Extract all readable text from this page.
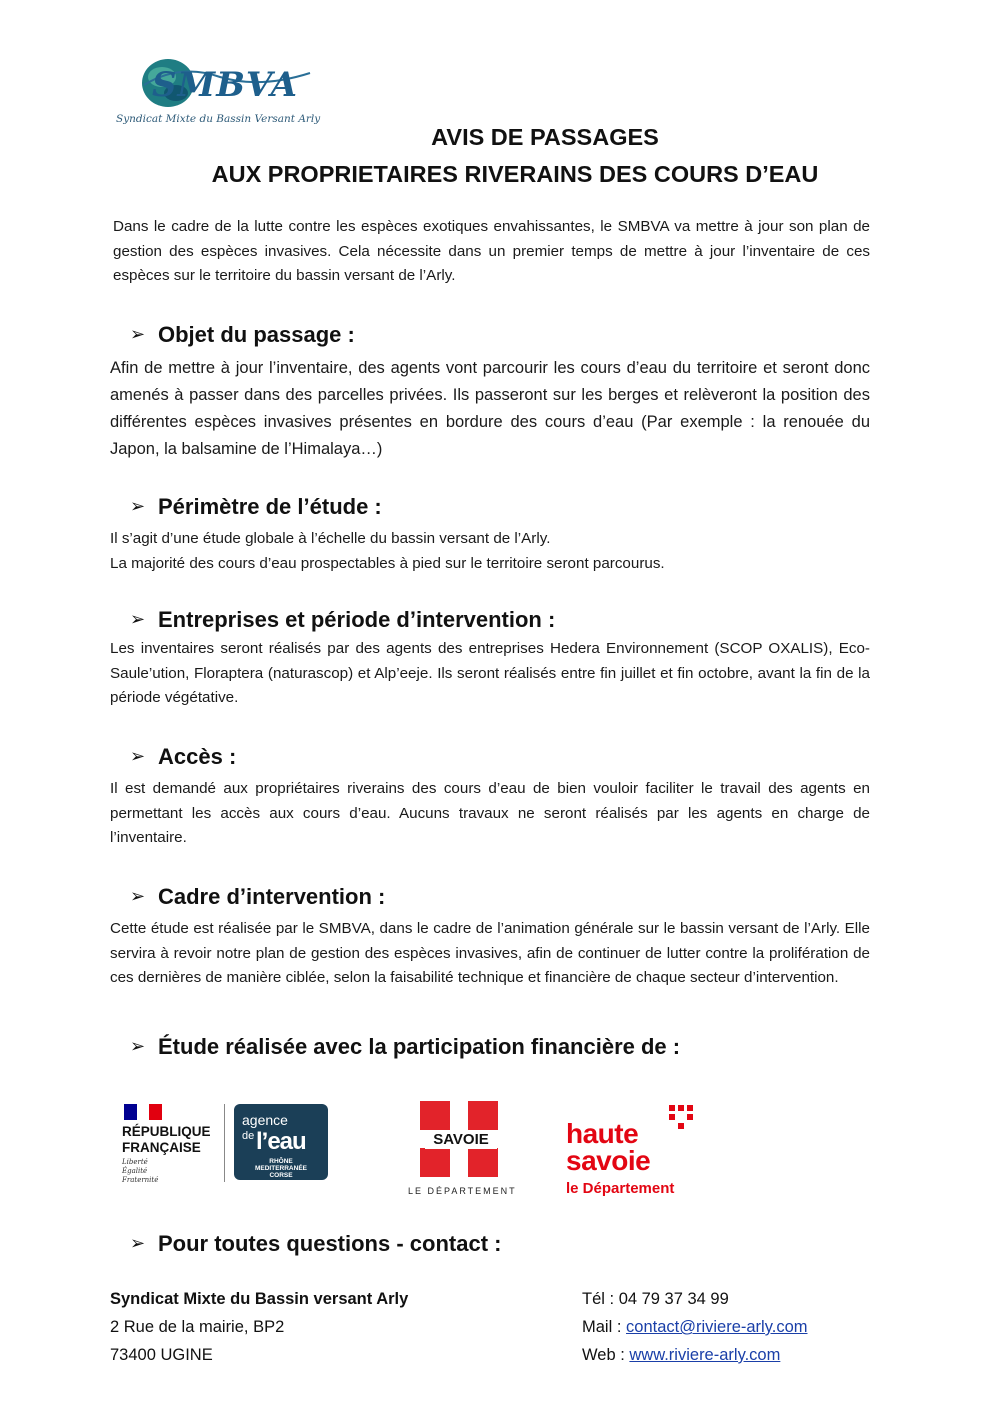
SMBVA
Syndicat Mixte du Bassin Versant Arly
AVIS DE PASSAGES
AUX PROPRIETAIRES RIVERAINS DES COURS D’EAU
Dans le cadre de la lutte contre les espèces exotiques envahissantes, le SMBVA va mettre à jour son plan de gestion des espèces invasives. Cela nécessite dans un premier temps de mettre à jour l’inventaire de ces espèces sur le territoire du bassin versant de l’Arly.
➢ Objet du passage :
Afin de mettre à jour l’inventaire, des agents vont parcourir les cours d’eau du territoire et seront donc amenés à passer dans des parcelles privées. Ils passeront sur les berges et relèveront la position des différentes espèces invasives présentes en bordure des cours d’eau (Par exemple : la renouée du Japon, la balsamine de l’Himalaya…)
➢ Périmètre de l’étude :

Il s’agit d’une étude globale à l’échelle du bassin versant de l’Arly.

La majorité des cours d’eau prospectables à pied sur le territoire seront parcourus.

➢ Entreprises et période d’intervention :
Les inventaires seront réalisés par des agents des entreprises Hedera Environnement (SCOP OXALIS), Eco-Saule’ution, Floraptera (naturascop) et Alp’eeje. Ils seront réalisés entre fin juillet et fin octobre, avant la fin de la période végétative.
➢ Accès :
Il est demandé aux propriétaires riverains des cours d’eau de bien vouloir faciliter le travail des agents en permettant les accès aux cours d’eau. Aucuns travaux ne seront réalisés par les agents en charge de l’inventaire.
➢ Cadre d’intervention :
Cette étude est réalisée par le SMBVA, dans le cadre de l’animation générale sur le bassin versant de l’Arly. Elle servira à revoir notre plan de gestion des espèces invasives, afin de continuer de lutter contre la prolifération de ces dernières de manière ciblée, selon la faisabilité technique et financière de chaque secteur d’intervention.
➢ Étude réalisée avec la participation financière de :
RÉPUBLIQUE
FRANÇAISE
Liberté
Égalité
Fraternité
agence
de l’eau
RHÔNE
MEDITERRANÉE
CORSE
SAVOIE
LE DÉPARTEMENT
haute
savoie
le Département
➢ Pour toutes questions - contact :
Syndicat Mixte du Bassin versant Arly
2 Rue de la mairie, BP2
73400 UGINE
Tél : 04 79 37 34 99
Mail : contact@riviere-arly.com
Web : www.riviere-arly.com
